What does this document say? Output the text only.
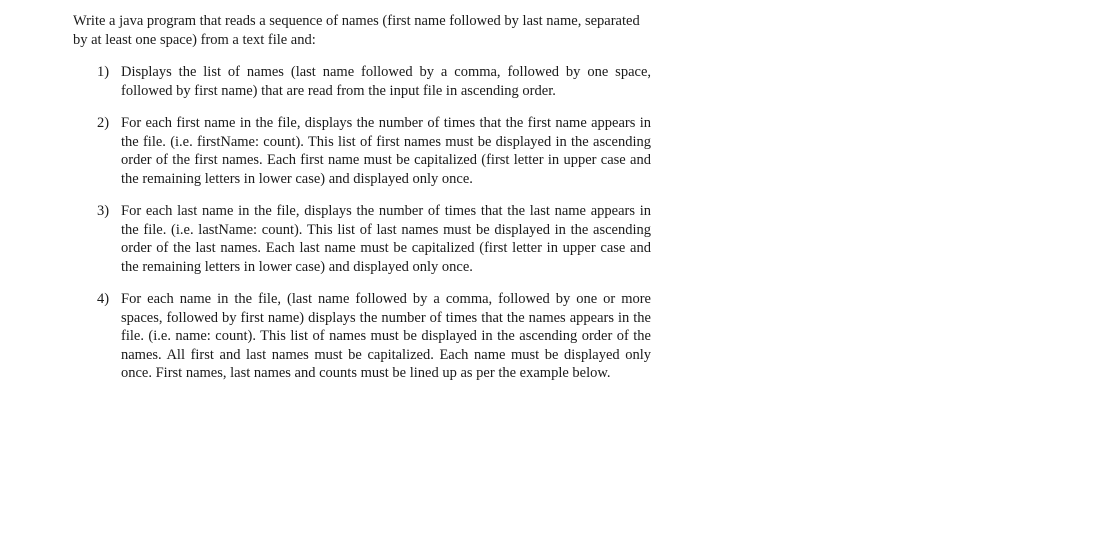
Write a java program that reads a sequence of names (first name followed by last name, separated by at least one space) from a text file and:

1) Displays the list of names (last name followed by a comma, followed by one space, followed by first name) that are read from the input file in ascending order.
2) For each first name in the file, displays the number of times that the first name appears in the file. (i.e. firstName: count). This list of first names must be displayed in the ascending order of the first names. Each first name must be capitalized (first letter in upper case and the remaining letters in lower case) and displayed only once.
3) For each last name in the file, displays the number of times that the last name appears in the file. (i.e. lastName: count). This list of last names must be displayed in the ascending order of the last names. Each last name must be capitalized (first letter in upper case and the remaining letters in lower case) and displayed only once.
4) For each name in the file, (last name followed by a comma, followed by one or more spaces, followed by first name) displays the number of times that the names appears in the file. (i.e. name: count). This list of names must be displayed in the ascending order of the names. All first and last names must be capitalized. Each name must be displayed only once. First names, last names and counts must be lined up as per the example below.
